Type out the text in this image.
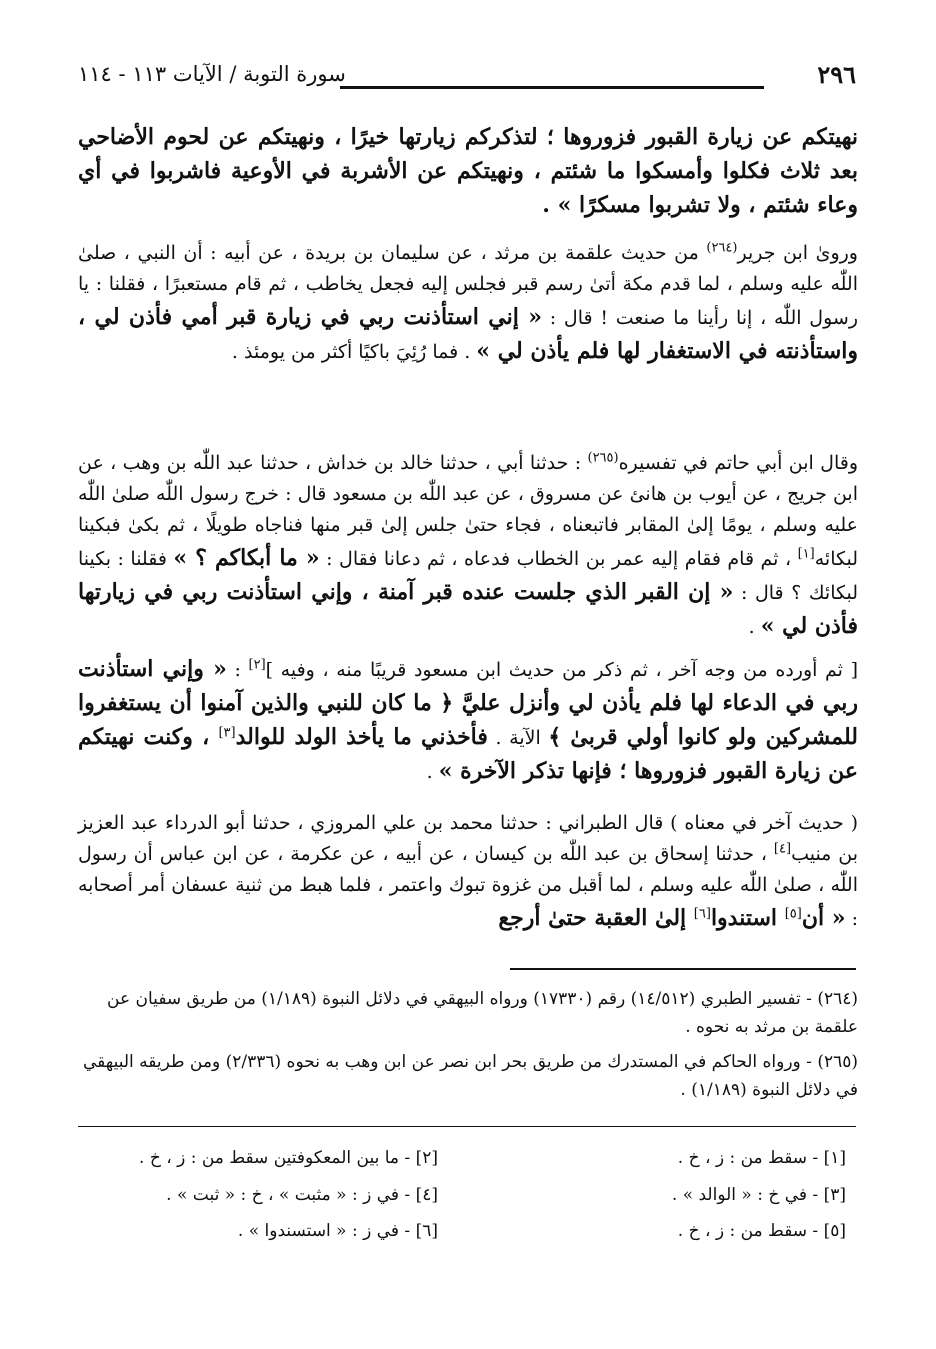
٢٩٦
سورة التوبة / الآيات ١١٣ - ١١٤

نهيتكم عن زيارة القبور فزوروها ؛ لتذكركم زيارتها خيرًا ، ونهيتكم عن لحوم الأضاحي بعد ثلاث فكلوا وأمسكوا ما شئتم ، ونهيتكم عن الأشربة في الأوعية فاشربوا في أي وعاء شئتم ، ولا تشربوا مسكرًا » .

وروىٰ ابن جرير$^{(٢٦٤)}$ من حديث علقمة بن مرثد ، عن سليمان بن بريدة ، عن أبيه : أن النبي ، صلىٰ اللّٰه عليه وسلم ، لما قدم مكة أتىٰ رسم قبر فجلس إليه فجعل يخاطب ، ثم قام مستعبرًا ، فقلنا : يا رسول اللّٰه ، إنا رأينا ما صنعت ! قال : « إني استأذنت ربي في زيارة قبر أمي فأذن لي ، واستأذنته في الاستغفار لها فلم يأذن لي » . فما رُئِيَ باكيًا أكثر من يومئذ .

وقال ابن أبي حاتم في تفسيره$^{(٢٦٥)}$ : حدثنا أبي ، حدثنا خالد بن خداش ، حدثنا عبد اللّٰه بن وهب ، عن ابن جريج ، عن أيوب بن هانئ عن مسروق ، عن عبد اللّٰه بن مسعود قال : خرج رسول اللّٰه صلىٰ اللّٰه عليه وسلم ، يومًا إلىٰ المقابر فاتبعناه ، فجاء حتىٰ جلس إلىٰ قبر منها فناجاه طويلًا ، ثم بكىٰ فبكينا لبكائه[١] ، ثم قام فقام إليه عمر بن الخطاب فدعاه ، ثم دعانا فقال : « ما أبكاكم ؟ » فقلنا : بكينا لبكائك ؟ قال : « إن القبر الذي جلست عنده قبر آمنة ، وإني استأذنت ربي في زيارتها فأذن لي » .

[ ثم أورده من وجه آخر ، ثم ذكر من حديث ابن مسعود قريبًا منه ، وفيه ][٢] : « وإني استأذنت ربي في الدعاء لها فلم يأذن لي وأنزل عليَّ ﴿ ما كان للنبي والذين آمنوا أن يستغفروا للمشركين ولو كانوا أولي قربىٰ ﴾ الآية . فأخذني ما يأخذ الولد للوالد[٣] ، وكنت نهيتكم عن زيارة القبور فزوروها ؛ فإنها تذكر الآخرة » .

( حديث آخر في معناه ) قال الطبراني : حدثنا محمد بن علي المروزي ، حدثنا أبو الدرداء عبد العزيز بن منيب[٤] ، حدثنا إسحاق بن عبد اللّٰه بن كيسان ، عن أبيه ، عن عكرمة ، عن ابن عباس أن رسول اللّٰه ، صلىٰ اللّٰه عليه وسلم ، لما أقبل من غزوة تبوك واعتمر ، فلما هبط من ثنية عسفان أمر أصحابه : « أن[٥] استندوا[٦] إلىٰ العقبة حتىٰ أرجع

(٢٦٤) - تفسير الطبري (١٤/٥١٢) رقم (١٧٣٣٠) ورواه البيهقي في دلائل النبوة (١/١٨٩) من طريق سفيان عن علقمة بن مرثد به نحوه .
(٢٦٥) - ورواه الحاكم في المستدرك من طريق بحر ابن نصر عن ابن وهب به نحوه (٢/٣٣٦) ومن طريقه البيهقي في دلائل النبوة (١/١٨٩) .
[١] - سقط من : ز ، خ .
[٢] - ما بين المعكوفتين سقط من : ز ، خ .
[٣] - في خ : « الوالد » .
[٤] - في ز : « مثبت » ، خ : « ثبت » .
[٥] - سقط من : ز ، خ .
[٦] - في ز : « استسندوا » .
